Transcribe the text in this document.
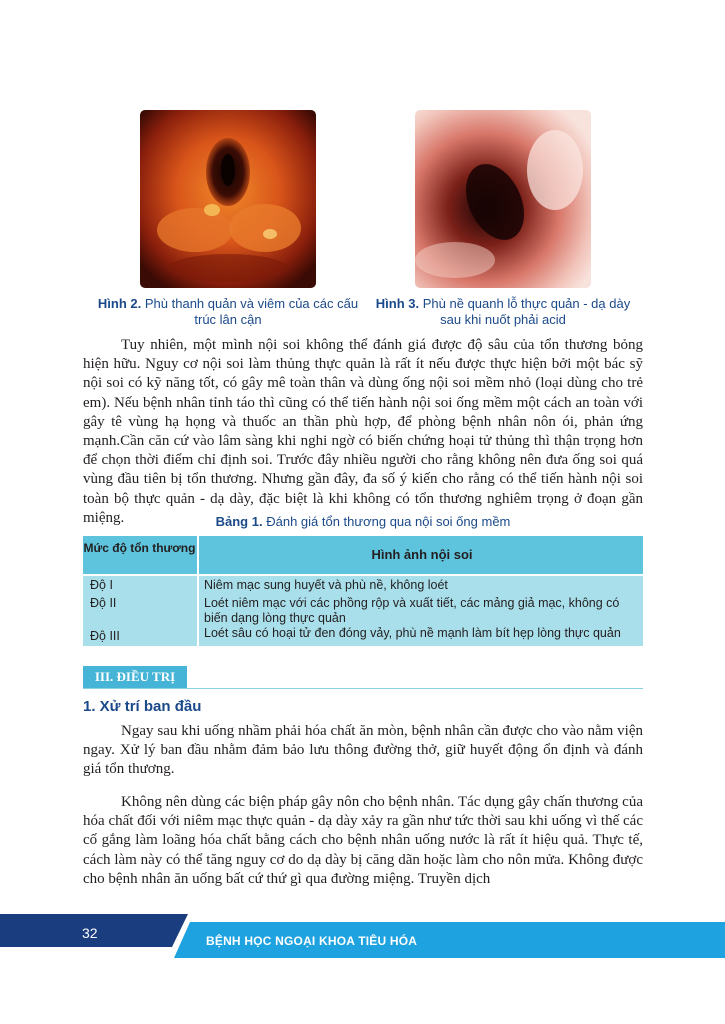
Hình 2. Phù thanh quản và viêm của các cấu trúc lân cận
Hình 3. Phù nề quanh lỗ thực quản - dạ dày sau khi nuốt phải acid
Tuy nhiên, một mình nội soi không thể đánh giá được độ sâu của tổn thương bỏng hiện hữu. Nguy cơ nội soi làm thủng thực quản là rất ít nếu được thực hiện bởi một bác sỹ nội soi có kỹ năng tốt, có gây mê toàn thân và dùng ống nội soi mềm nhỏ (loại dùng cho trẻ em). Nếu bệnh nhân tỉnh táo thì cũng có thể tiến hành nội soi ống mềm một cách an toàn với gây tê vùng hạ họng và thuốc an thần phù hợp, để phòng bệnh nhân nôn ói, phản ứng mạnh.Cần căn cứ vào lâm sàng khi nghi ngờ có biến chứng hoại tử thủng thì thận trọng hơn để chọn thời điểm chỉ định soi. Trước đây nhiều người cho rằng không nên đưa ống soi quá vùng đầu tiên bị tổn thương. Nhưng gần đây, đa số ý kiến cho rằng có thể tiến hành nội soi toàn bộ thực quản - dạ dày, đặc biệt là khi không có tổn thương nghiêm trọng ở đoạn gần miệng.	Bảng 1. Đánh giá tổn thương qua nội soi ống mềm
Mức độ tổn thương	Hình ảnh nội soi
Độ I	Niêm mạc sung huyết và phù nề, không loét
Độ II	Loét niêm mạc với các phồng rộp và xuất tiết, các mảng giả mạc, không có biến dạng lòng thực quản
Độ III	Loét sâu có hoại tử đen đóng vảy, phù nề mạnh làm bít hẹp lòng thực quản
III. ĐIỀU TRỊ
1. Xử trí ban đầu
Ngay sau khi uống nhầm phải hóa chất ăn mòn, bệnh nhân cần được cho vào nằm viện ngay. Xử lý ban đầu nhằm đảm bảo lưu thông đường thở, giữ huyết động ổn định và đánh giá tổn thương.
Không nên dùng các biện pháp gây nôn cho bệnh nhân. Tác dụng gây chấn thương của hóa chất đối với niêm mạc thực quản - dạ dày xảy ra gần như tức thời sau khi uống vì thế các cố gắng làm loãng hóa chất bằng cách cho bệnh nhân uống nước là rất ít hiệu quả. Thực tế, cách làm này có thể tăng nguy cơ do dạ dày bị căng dãn hoặc làm cho nôn mửa. Không được cho bệnh nhân ăn uống bất cứ thứ gì qua đường miệng. Truyền dịch
32	BỆNH HỌC NGOẠI KHOA TIÊU HÓA
